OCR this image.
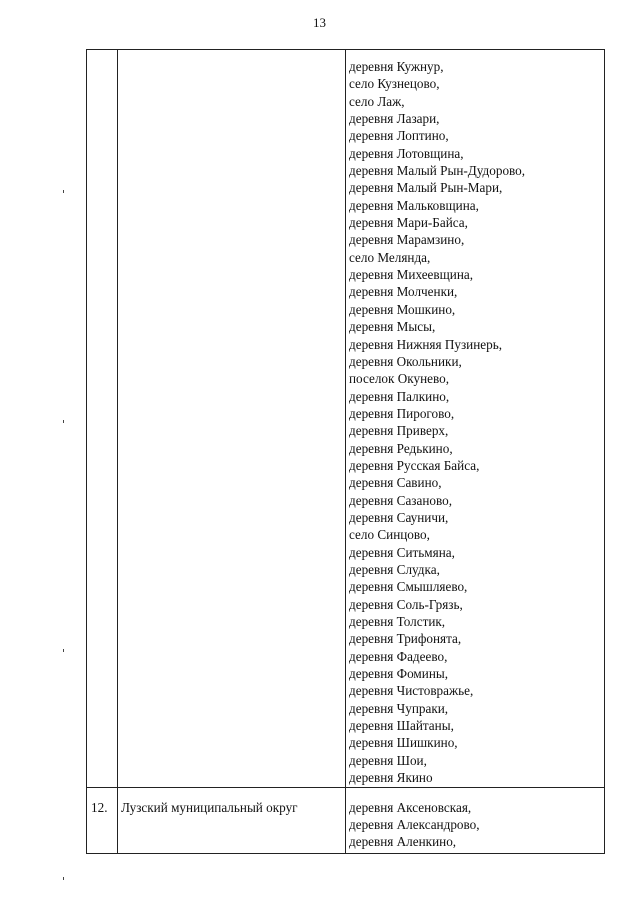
13
деревня Кужнур,
село Кузнецово,
село Лаж,
деревня Лазари,
деревня Лоптино,
деревня Лотовщина,
деревня Малый Рын-Дудорово,
деревня Малый Рын-Мари,
деревня Мальковщина,
деревня Мари-Байса,
деревня Марамзино,
село Мелянда,
деревня Михеевщина,
деревня Молченки,
деревня Мошкино,
деревня Мысы,
деревня Нижняя Пузинерь,
деревня Окольники,
поселок Окунево,
деревня Палкино,
деревня Пирогово,
деревня Приверх,
деревня Редькино,
деревня Русская Байса,
деревня Савино,
деревня Сазаново,
деревня Сауничи,
село Синцово,
деревня Ситьмяна,
деревня Слудка,
деревня Смышляево,
деревня Соль-Грязь,
деревня Толстик,
деревня Трифонята,
деревня Фадеево,
деревня Фомины,
деревня Чистовражье,
деревня Чупраки,
деревня Шайтаны,
деревня Шишкино,
деревня Шои,
деревня Якино
12. Лузский муниципальный округ	деревня Аксеновская,
деревня Александрово,
деревня Аленкино,
